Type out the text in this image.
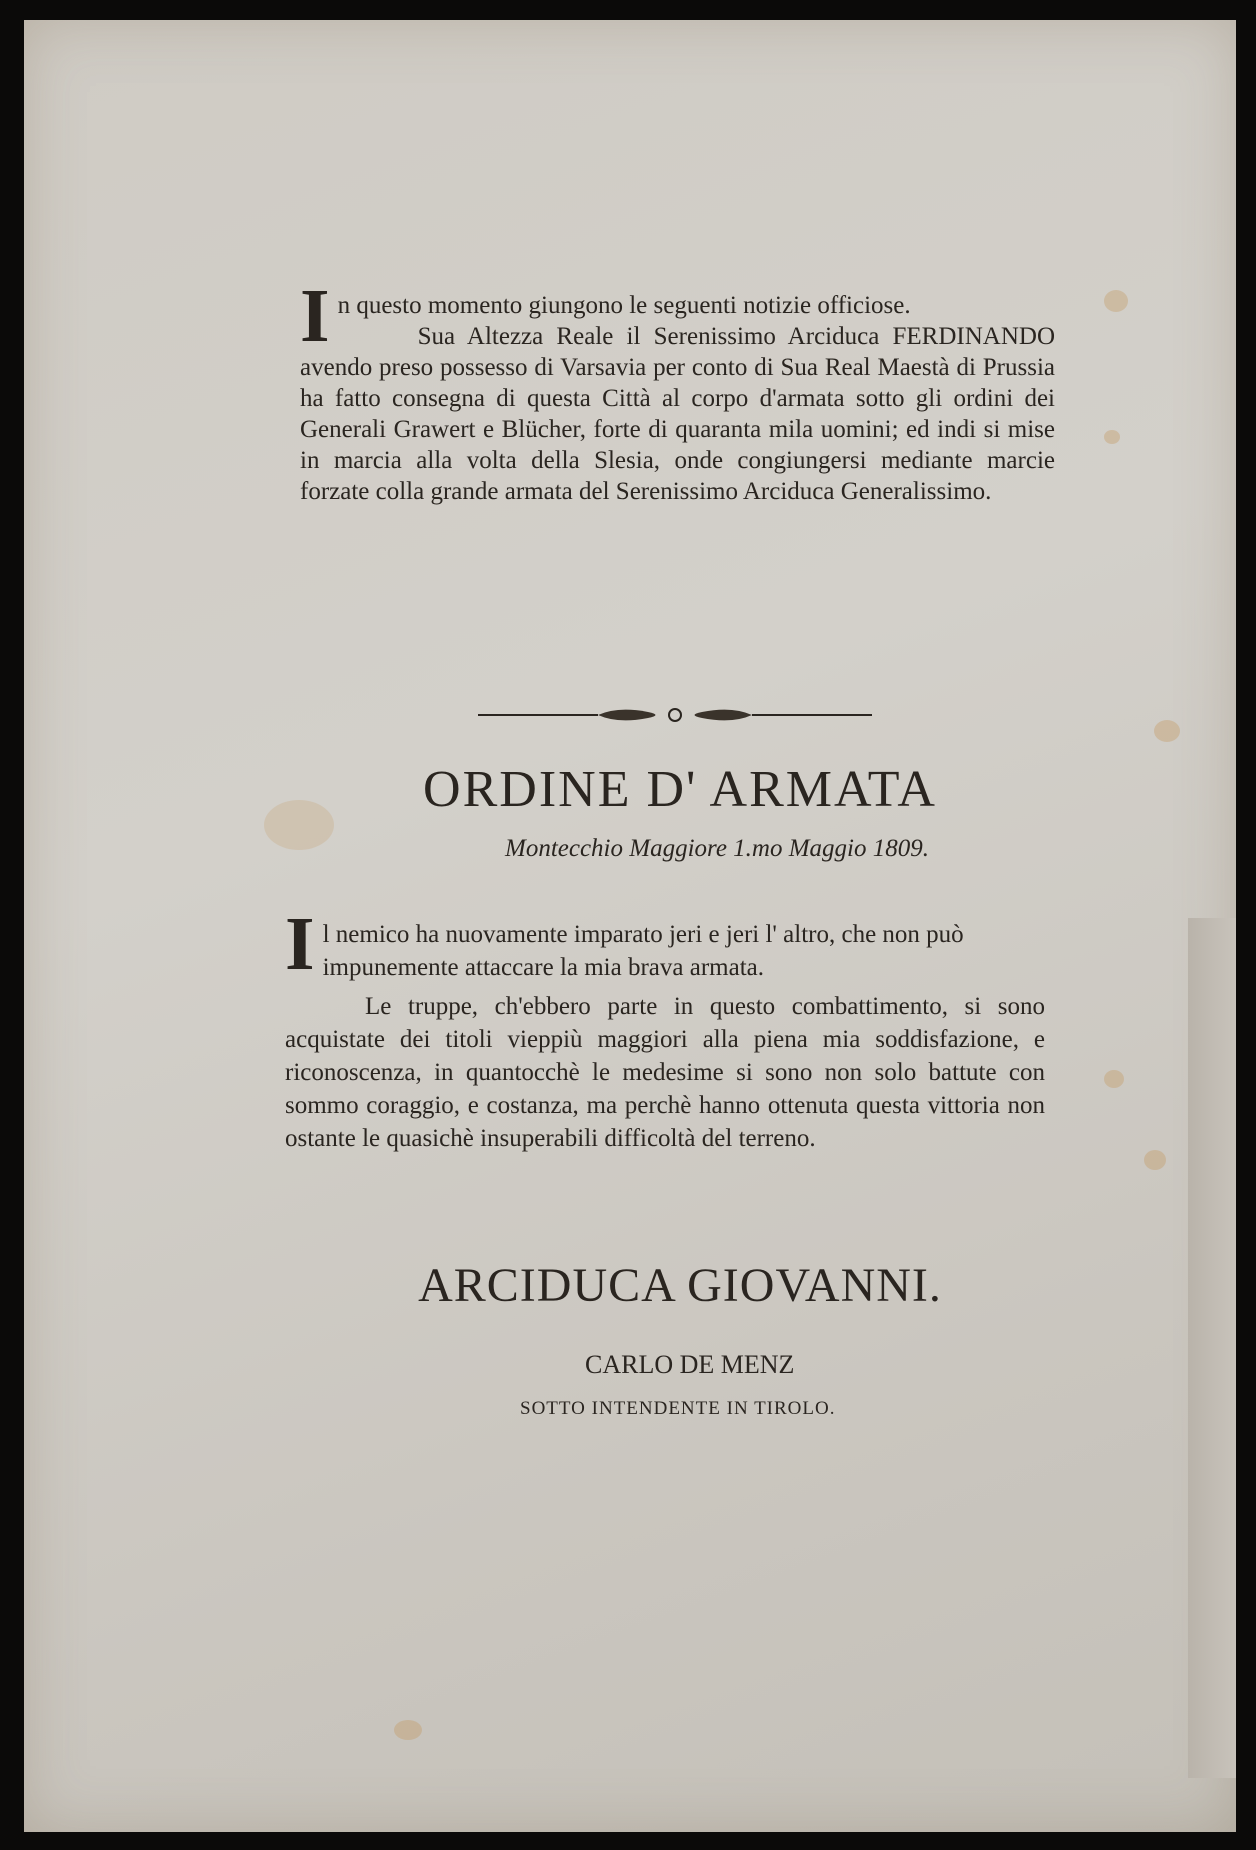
In questo momento giungono le seguenti notizie officiose.

Sua Altezza Reale il Serenissimo Arciduca FERDINANDO avendo preso possesso di Varsavia per conto di Sua Real Maestà di Prussia ha fatto consegna di questa Città al corpo d'armata sotto gli ordini dei Generali Grawert e Blücher, forte di quaranta mila uomini; ed indi si mise in marcia alla volta della Slesia, onde congiungersi mediante marcie forzate colla grande armata del Serenissimo Arciduca Generalissimo.

ORDINE D' ARMATA
Montecchio Maggiore 1.mo Maggio 1809.

Il nemico ha nuovamente imparato jeri e jeri l' altro, che non può impunemente attaccare la mia brava armata.

Le truppe, ch'ebbero parte in questo combattimento, si sono acquistate dei titoli vieppiù maggiori alla piena mia soddisfazione, e riconoscenza, in quantocchè le medesime si sono non solo battute con sommo coraggio, e costanza, ma perchè hanno ottenuta questa vittoria non ostante le quasichè insuperabili difficoltà del terreno.

ARCIDUCA GIOVANNI.
CARLO DE MENZ
SOTTO INTENDENTE IN TIROLO.
